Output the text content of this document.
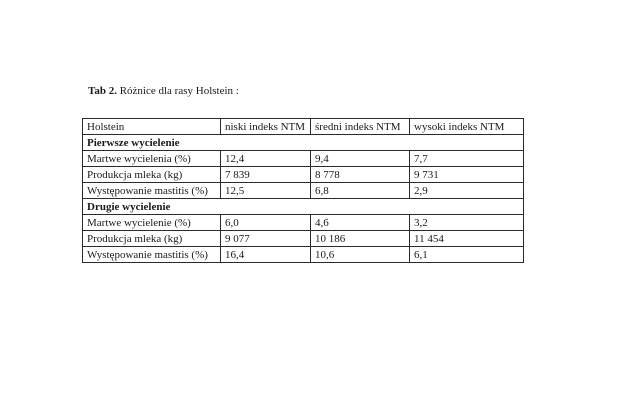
Tab 2. Różnice dla rasy Holstein :
Holstein	niski indeks NTM	średni indeks NTM	wysoki indeks NTM
Pierwsze wycielenie			
Martwe wycielenia (%)	12,4	9,4	7,7
Produkcja mleka (kg)	7 839	8 778	9 731
Występowanie mastitis (%)	12,5	6,8	2,9
Drugie wycielenie			
Martwe wycielenie (%)	6,0	4,6	3,2
Produkcja mleka (kg)	9 077	10 186	11 454
Występowanie mastitis (%)	16,4	10,6	6,1
